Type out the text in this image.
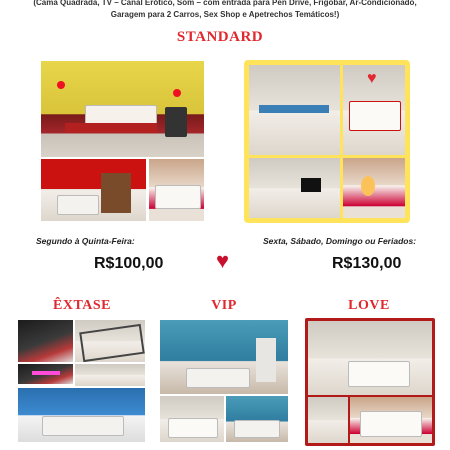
(Cama Quadrada, TV – Canal Erótico, Som – com entrada para Pen Drive, Frigobar, Ar-Condicionado,
Garagem para 2 Carros, Sex Shop e Apetrechos Temáticos!)
STANDARD
♥
Segundo à Quinta-Feira:
R$100,00 ♥
Sexta, Sábado, Domingo ou Feriados:
R$130,00
ÊXTASE	VIP	LOVE
